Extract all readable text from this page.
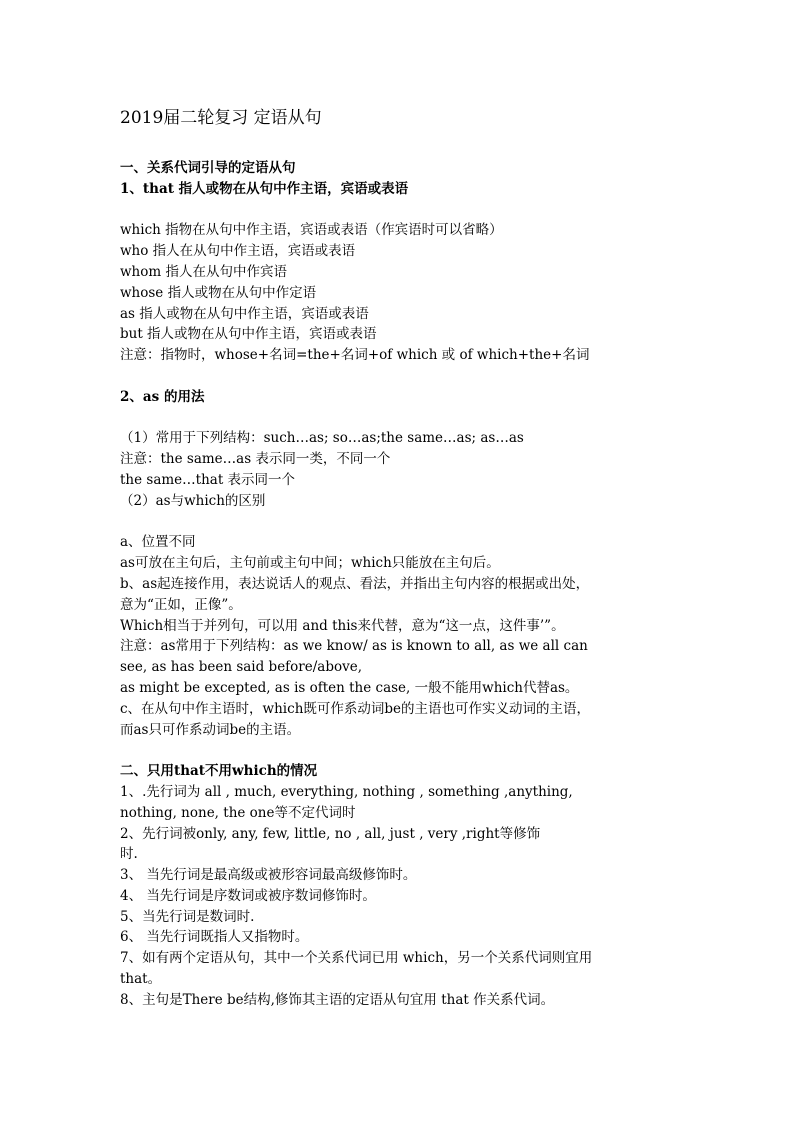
2019届二轮复习 定语从句
一、关系代词引导的定语从句
1、that 指人或物在从句中作主语，宾语或表语
which 指物在从句中作主语，宾语或表语（作宾语时可以省略）
who 指人在从句中作主语，宾语或表语
whom 指人在从句中作宾语
whose 指人或物在从句中作定语
as 指人或物在从句中作主语，宾语或表语
but 指人或物在从句中作主语，宾语或表语
注意：指物时，whose+名词=the+名词+of which 或 of which+the+名词
2、as 的用法
（1）常用于下列结构：such…as; so…as;the same…as; as…as
注意：the same…as 表示同一类，不同一个
the same…that 表示同一个
（2）as与which的区别
a、位置不同
as可放在主句后，主句前或主句中间；which只能放在主句后。
b、as起连接作用，表达说话人的观点、看法，并指出主句内容的根据或出处，
意为“正如，正像”。
Which相当于并列句，可以用 and this来代替，意为“这一点，这件事’”。
注意：as常用于下列结构：as we know/ as is known to all, as we all can
see, as has been said before/above,
as might be excepted, as is often the case, 一般不能用which代替as。
c、在从句中作主语时，which既可作系动词be的主语也可作实义动词的主语，
而as只可作系动词be的主语。
二、只用that不用which的情况
1、.先行词为 all , much, everything, nothing , something ,anything,
nothing, none, the one等不定代词时
2、先行词被only, any, few, little, no , all, just , very ,right等修饰
时.
3、 当先行词是最高级或被形容词最高级修饰时。
4、 当先行词是序数词或被序数词修饰时。
5、当先行词是数词时.
6、 当先行词既指人又指物时。
7、如有两个定语从句，其中一个关系代词已用 which，另一个关系代词则宜用
that。
8、主句是There be结构,修饰其主语的定语从句宜用 that 作关系代词。
